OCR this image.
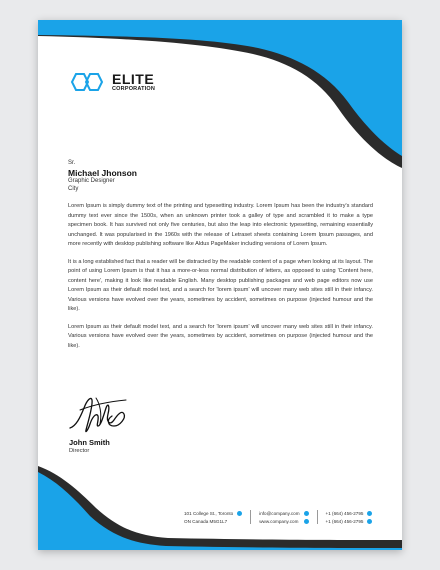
ELITE
CORPORATION
Sr.
Michael Jhonson
Graphic Designer
City

Lorem Ipsum is simply dummy text of the printing and typesetting industry. Lorem Ipsum has been the industry's standard dummy text ever since the 1500s, when an unknown printer took a galley of type and scrambled it to make a type specimen book. It has survived not only five centuries, but also the leap into electronic typesetting, remaining essentially unchanged. It was popularised in the 1960s with the release of Letraset sheets containing Lorem Ipsum passages, and more recently with desktop publishing software like Aldus PageMaker including versions of Lorem Ipsum.

It is a long established fact that a reader will be distracted by the readable content of a page when looking at its layout. The point of using Lorem Ipsum is that it has a more-or-less normal distribution of letters, as opposed to using 'Content here, content here', making it look like readable English. Many desktop publishing packages and web page editors now use Lorem Ipsum as their default model text, and a search for 'lorem ipsum' will uncover many web sites still in their infancy. Various versions have evolved over the years, sometimes by accident, sometimes on purpose (injected humour and the like).

Lorem Ipsum as their default model text, and a search for 'lorem ipsum' will uncover many web sites still in their infancy. Various versions have evolved over the years, sometimes by accident, sometimes on purpose (injected humour and the like).

John Smith
Director
101 College St., Toronto
ON Canada M5G1L7
info@company.com
www.company.com
+1 (664) 456-2795
+1 (664) 456-2795
